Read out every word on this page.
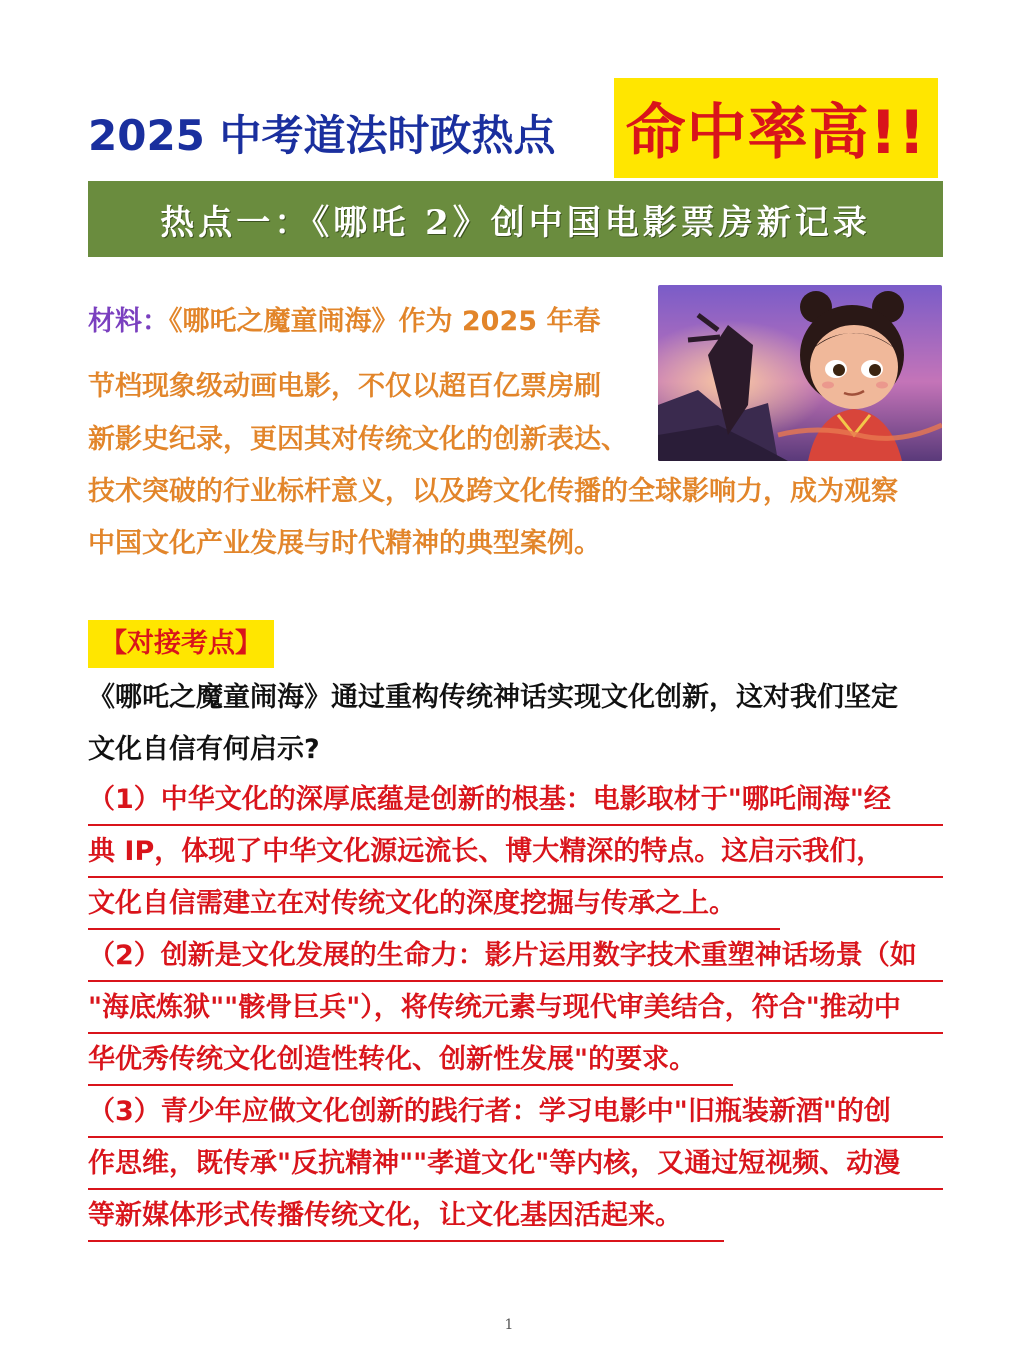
2025 中考道法时政热点	命中率高!!
热点一：《哪吒 2》创中国电影票房新记录
材料：《哪吒之魔童闹海》作为 2025 年春
节档现象级动画电影，不仅以超百亿票房刷
新影史纪录，更因其对传统文化的创新表达、
技术突破的行业标杆意义，以及跨文化传播的全球影响力，成为观察
中国文化产业发展与时代精神的典型案例。
【对接考点】
《哪吒之魔童闹海》通过重构传统神话实现文化创新，这对我们坚定
文化自信有何启示?
（1）中华文化的深厚底蕴是创新的根基：电影取材于"哪吒闹海"经
典 IP，体现了中华文化源远流长、博大精深的特点。这启示我们，
文化自信需建立在对传统文化的深度挖掘与传承之上。
（2）创新是文化发展的生命力：影片运用数字技术重塑神话场景（如
"海底炼狱""骸骨巨兵"），将传统元素与现代审美结合，符合"推动中
华优秀传统文化创造性转化、创新性发展"的要求。
（3）青少年应做文化创新的践行者：学习电影中"旧瓶装新酒"的创
作思维，既传承"反抗精神""孝道文化"等内核，又通过短视频、动漫
等新媒体形式传播传统文化，让文化基因活起来。
1
